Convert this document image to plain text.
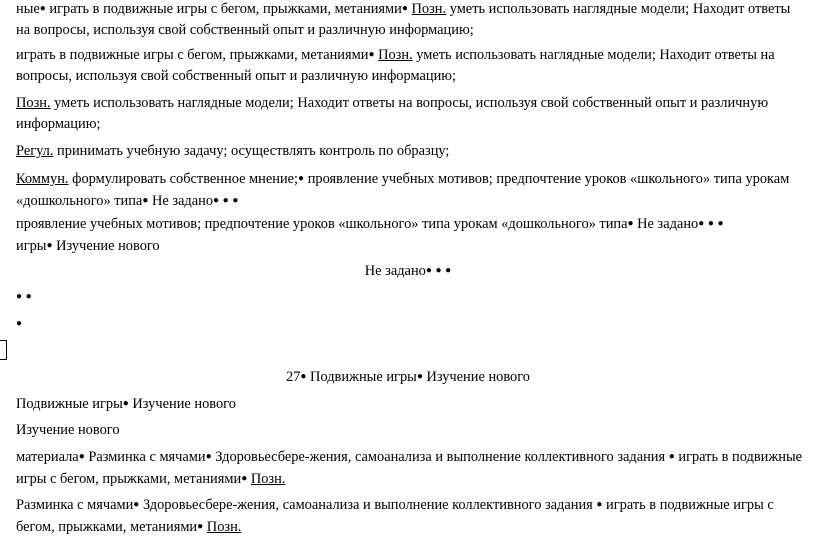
ные● играть в подвижные игры с бегом, прыжками, метаниями● Позн. уметь использовать наглядные модели; Находит ответы на вопросы, используя свой собственный опыт и различную информацию;

играть в подвижные игры с бегом, прыжками, метаниями● Позн. уметь использовать наглядные модели; Находит ответы на вопросы, используя свой собственный опыт и различную информацию;

Позн. уметь использовать наглядные модели; Находит ответы на вопросы, используя свой собственный опыт и различную информацию;

Регул. принимать учебную задачу; осуществлять контроль по образцу;

Коммун. формулировать собственное мнение;● проявление учебных мотивов; предпочтение уроков «школьного» типа урокам «дошкольного» типа● Не задано● ● ●

проявление учебных мотивов; предпочтение уроков «школьного» типа урокам «дошкольного» типа● Не задано● ● ●
игры● Изучение нового

Не задано● ● ●

● ●

●

27● Подвижные игры● Изучение нового

Подвижные игры● Изучение нового

Изучение нового

материала● Разминка с мячами● Здоровьесбере-жения, самоанализа и выполнение коллективного задания ● играть в подвижные игры с бегом, прыжками, метаниями● Позн.

Разминка с мячами● Здоровьесбере-жения, самоанализа и выполнение коллективного задания ● играть в подвижные игры с бегом, прыжками, метаниями● Позн.
